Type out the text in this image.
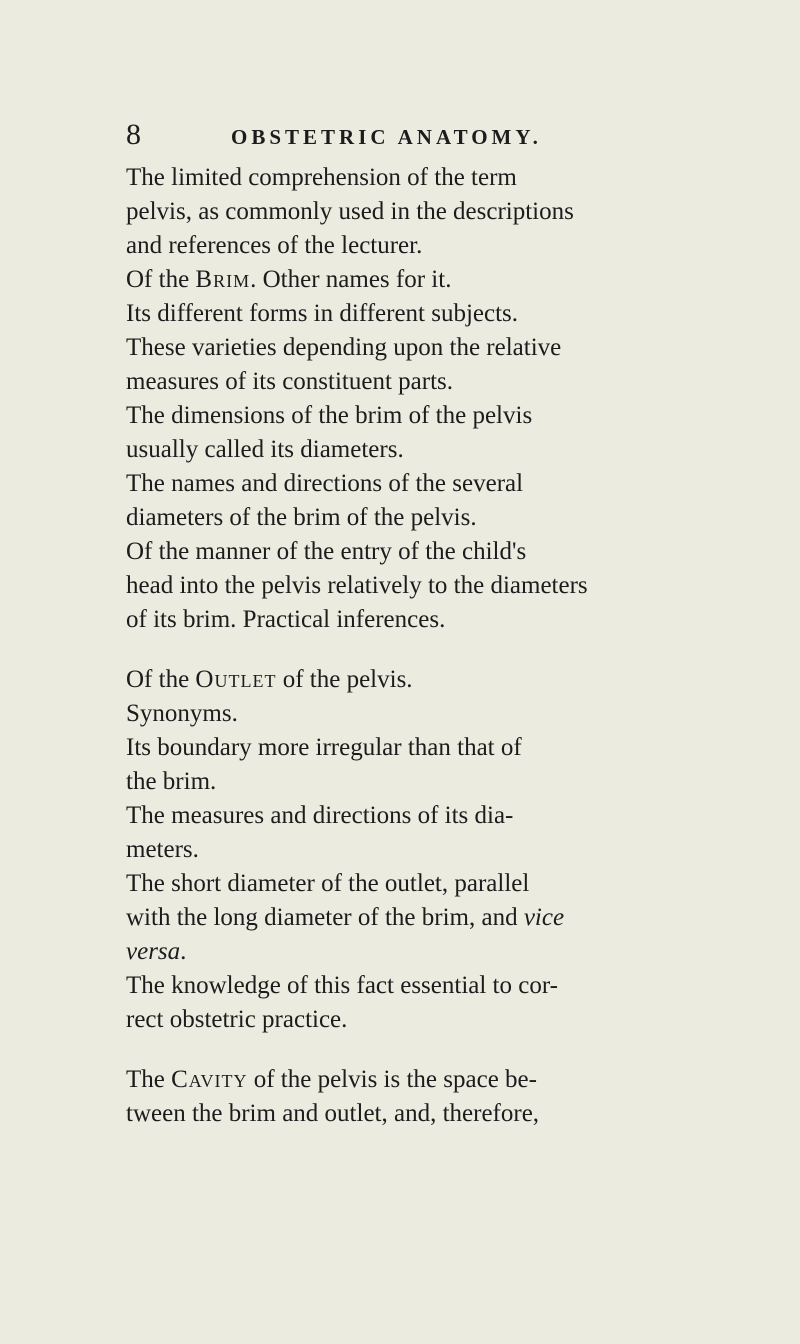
8	OBSTETRIC ANATOMY.
The limited comprehension of the term
pelvis, as commonly used in the descriptions
and references of the lecturer.
Of the Brim. Other names for it.
Its different forms in different subjects.
These varieties depending upon the relative
measures of its constituent parts.
The dimensions of the brim of the pelvis
usually called its diameters.
The names and directions of the several
diameters of the brim of the pelvis.
Of the manner of the entry of the child's
head into the pelvis relatively to the diameters
of its brim. Practical inferences.
Of the Outlet of the pelvis.
Synonyms.
Its boundary more irregular than that of
the brim.
The measures and directions of its dia-
meters.
The short diameter of the outlet, parallel
with the long diameter of the brim, and vice
versa.
The knowledge of this fact essential to cor-
rect obstetric practice.
The Cavity of the pelvis is the space be-
tween the brim and outlet, and, therefore,
